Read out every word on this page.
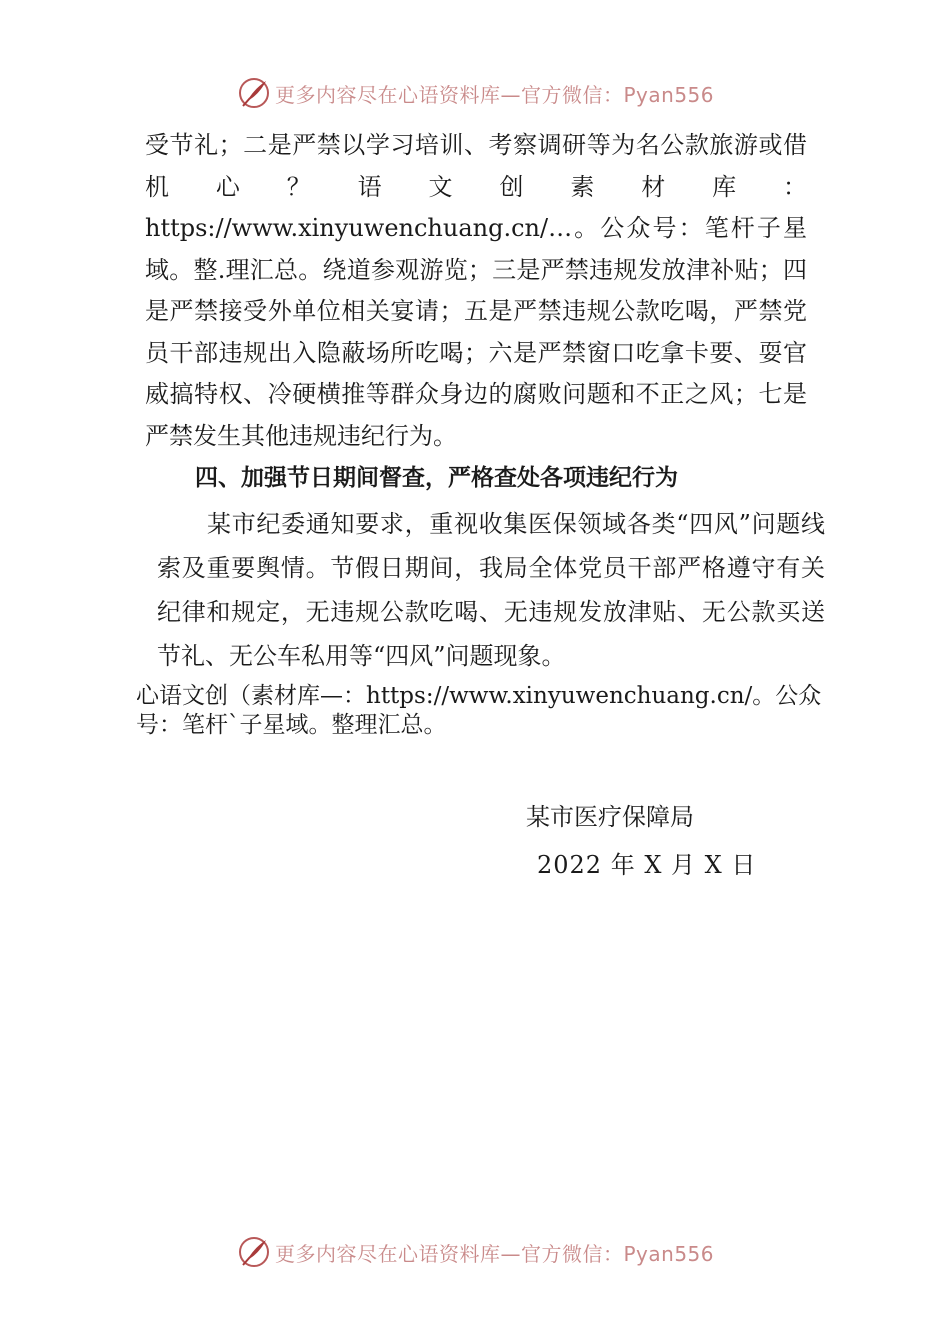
更多内容尽在心语资料库—官方微信：Pyan556

受节礼；二是严禁以学习培训、考察调研等为名公款旅游或借机心？语文创素材库：https://www.xinyuwenchuang.cn/…。公众号：笔杆子星域。整.理汇总。绕道参观游览；三是严禁违规发放津补贴；四是严禁接受外单位相关宴请；五是严禁违规公款吃喝，严禁党员干部违规出入隐蔽场所吃喝；六是严禁窗口吃拿卡要、耍官威搞特权、冷硬横推等群众身边的腐败问题和不正之风；七是严禁发生其他违规违纪行为。

四、加强节日期间督查，严格查处各项违纪行为

某市纪委通知要求，重视收集医保领域各类“四风”问题线索及重要舆情。节假日期间，我局全体党员干部严格遵守有关纪律和规定，无违规公款吃喝、无违规发放津贴、无公款买送节礼、无公车私用等“四风”问题现象。

心语文创（素材库—：https://www.xinyuwenchuang.cn/。公众号：笔杆`子星域。整理汇总。

某市医疗保障局

2022 年 X 月 X 日

更多内容尽在心语资料库—官方微信：Pyan556
